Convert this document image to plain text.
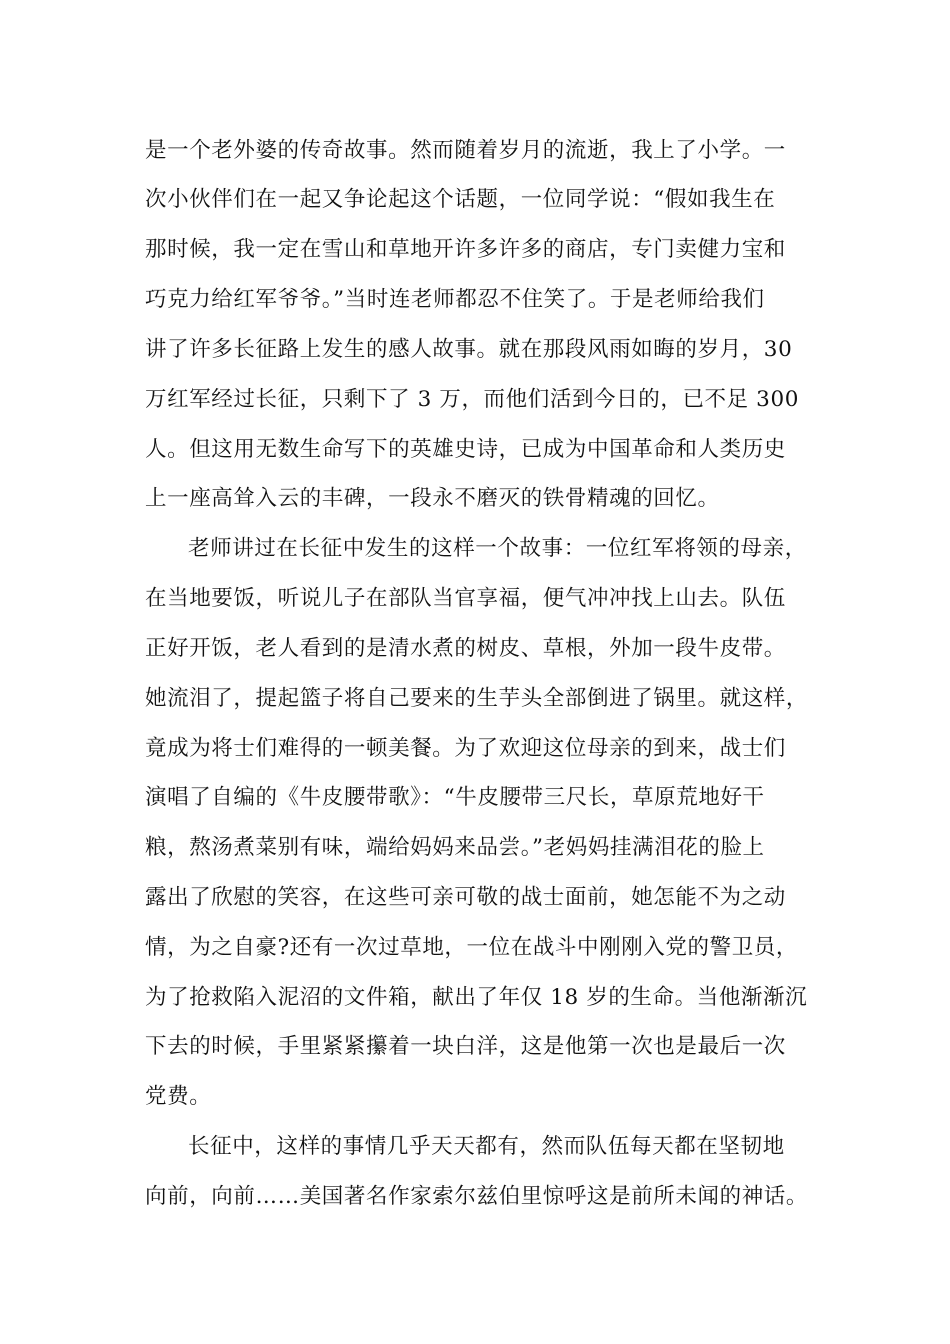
是一个老外婆的传奇故事。然而随着岁月的流逝，我上了小学。一
次小伙伴们在一起又争论起这个话题，一位同学说：“假如我生在
那时候，我一定在雪山和草地开许多许多的商店，专门卖健力宝和
巧克力给红军爷爷。”当时连老师都忍不住笑了。于是老师给我们
讲了许多长征路上发生的感人故事。就在那段风雨如晦的岁月，30
万红军经过长征，只剩下了 3 万，而他们活到今日的，已不足 300
人。但这用无数生命写下的英雄史诗，已成为中国革命和人类历史
上一座高耸入云的丰碑，一段永不磨灭的铁骨精魂的回忆。
老师讲过在长征中发生的这样一个故事：一位红军将领的母亲，
在当地要饭，听说儿子在部队当官享福，便气冲冲找上山去。队伍
正好开饭，老人看到的是清水煮的树皮、草根，外加一段牛皮带。
她流泪了，提起篮子将自己要来的生芋头全部倒进了锅里。就这样，
竟成为将士们难得的一顿美餐。为了欢迎这位母亲的到来，战士们
演唱了自编的《牛皮腰带歌》：“牛皮腰带三尺长，草原荒地好干
粮，熬汤煮菜别有味，端给妈妈来品尝。”老妈妈挂满泪花的脸上
露出了欣慰的笑容，在这些可亲可敬的战士面前，她怎能不为之动
情，为之自豪?还有一次过草地，一位在战斗中刚刚入党的警卫员，
为了抢救陷入泥沼的文件箱，献出了年仅 18 岁的生命。当他渐渐沉
下去的时候，手里紧紧攥着一块白洋，这是他第一次也是最后一次
党费。
长征中，这样的事情几乎天天都有，然而队伍每天都在坚韧地
向前，向前……美国著名作家索尔兹伯里惊呼这是前所未闻的神话。
